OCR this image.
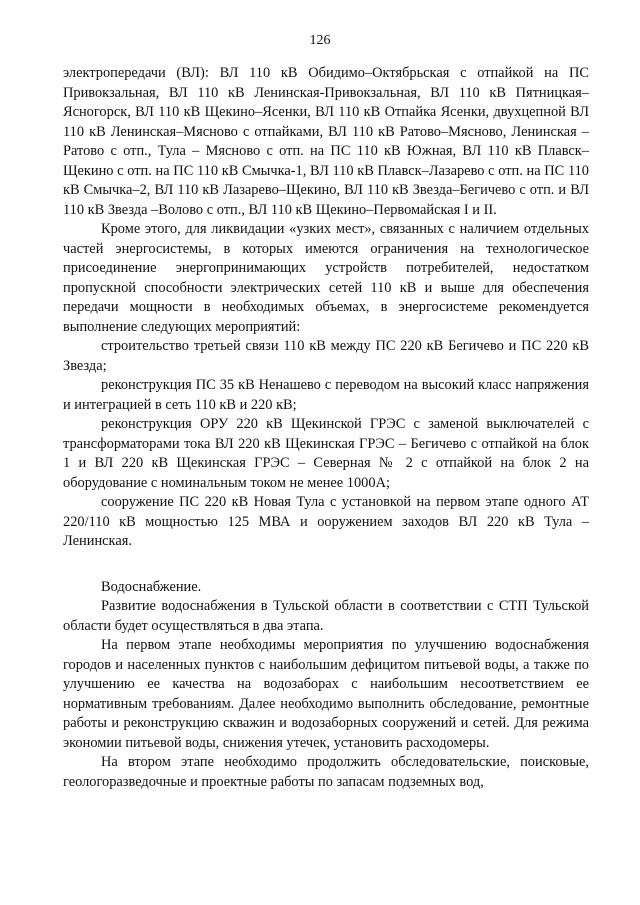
126

электропередачи (ВЛ): ВЛ 110 кВ Обидимо–Октябрьская с отпайкой на ПС Привокзальная, ВЛ 110 кВ Ленинская-Привокзальная, ВЛ 110 кВ Пятницкая–Ясногорск, ВЛ 110 кВ Щекино–Ясенки, ВЛ 110 кВ Отпайка Ясенки, двухцепной ВЛ 110 кВ Ленинская–Мясново с отпайками, ВЛ 110 кВ Ратово–Мясново, Ленинская – Ратово с отп., Тула – Мясново с отп. на ПС 110 кВ Южная, ВЛ 110 кВ Плавск–Щекино с отп. на ПС 110 кВ Смычка-1, ВЛ 110 кВ Плавск–Лазарево с отп. на ПС 110 кВ Смычка–2, ВЛ 110 кВ Лазарево–Щекино, ВЛ 110 кВ Звезда–Бегичево с отп. и ВЛ 110 кВ Звезда –Волово с отп., ВЛ 110 кВ Щекино–Первомайская I и II.

Кроме этого, для ликвидации «узких мест», связанных с наличием отдельных частей энергосистемы, в которых имеются ограничения на технологическое присоединение энергопринимающих устройств потребителей, недостатком пропускной способности электрических сетей 110 кВ и выше для обеспечения передачи мощности в необходимых объемах, в энергосистеме рекомендуется выполнение следующих мероприятий:

строительство третьей связи 110 кВ между ПС 220 кВ Бегичево и ПС 220 кВ Звезда;

реконструкция ПС 35 кВ Ненашево с переводом на высокий класс напряжения и интеграцией в сеть 110 кВ и 220 кВ;

реконструкция ОРУ 220 кВ Щекинской ГРЭС с заменой выключателей с трансформаторами тока ВЛ 220 кВ Щекинская ГРЭС – Бегичево с отпайкой на блок 1 и ВЛ 220 кВ Щекинская ГРЭС – Северная № 2 с отпайкой на блок 2 на оборудование с номинальным током не менее 1000А;

сооружение ПС 220 кВ Новая Тула с установкой на первом этапе одного АТ 220/110 кВ мощностью 125 МВА и ооружением заходов ВЛ 220 кВ Тула – Ленинская.

Водоснабжение.

Развитие водоснабжения в Тульской области в соответствии с СТП Тульской области будет осуществляться в два этапа.

На первом этапе необходимы мероприятия по улучшению водоснабжения городов и населенных пунктов с наибольшим дефицитом питьевой воды, а также по улучшению ее качества на водозаборах с наибольшим несоответствием ее нормативным требованиям. Далее необходимо выполнить обследование, ремонтные работы и реконструкцию скважин и водозаборных сооружений и сетей. Для режима экономии питьевой воды, снижения утечек, установить расходомеры.

На втором этапе необходимо продолжить обследовательские, поисковые, геологоразведочные и проектные работы по запасам подземных вод,
